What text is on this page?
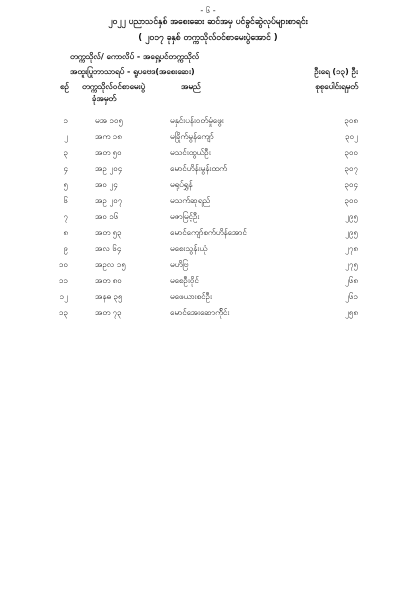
- ၆ -
၂၀၂၂ ပညာသင်နှစ် အစေးဆေး ဆင်အမှ ပင်ခွင်ဆွဲလုပ်များစာရင်း
( ၂၀၁၇ ခုနှစ် တက္ကသိုလ်ဝင်စာမေးပွဲအောင် )
တက္ကသိုလ်/ ကောလိပ် - အရှေ့ပင်တက္ကသိုလ်
အထူးပြုဘာသာရပ် - ရူပဗေဒ(အစေးဆေး)	ဦးရေ (၁၃) ဦး
စဉ် တက္ကသိုလ်ဝင်စာမေးပွဲ	အမည်	စုစုပေါင်းရမှတ်
ခုံအမှတ်
၁	မအ ၁၀၅	မနှင်းပန်းဝတ်မှုံဖွေး	၃၀၈
၂	အက ၁၈	မခြိုက်မွန်ကျော်	၃၀၂
၃	အတ ၅၀	မသင်းထွယ်ဦး	၃၀၀
၄	အဥ ၂၀၄	မောင်ဟိန်းမွန်းထက်	၃၀၇
၅	အဝ ၂၄	မရုပ်ရွှန်	၃၀၄
၆	အဥ ၂၀၇	မသက်ဆုရည်	၃၀၀
၇	အဝ ၁၆	မဇာမြင့်ဦး	၂၉၅
၈	အတ ၅၃	မောင်ကျော်စက်ဟိန်အောင်	၂၉၅
၉	အလ ၆၄	မစေးသွန်းယုံ	၂၇၈
၁၀	အဥလ ၁၅	မဟိဗြ	၂၇၅
၁၁	အတ ၈၀	မစေဦးဝိုင်	၂၆၈
၁၂	အနဓ ၃၅	မဖေယားစင်ဦး	၂၆၁
၁၃	အတ ၇၃	မောင်အေးဆောက်ိုင်း	၂၅၈
